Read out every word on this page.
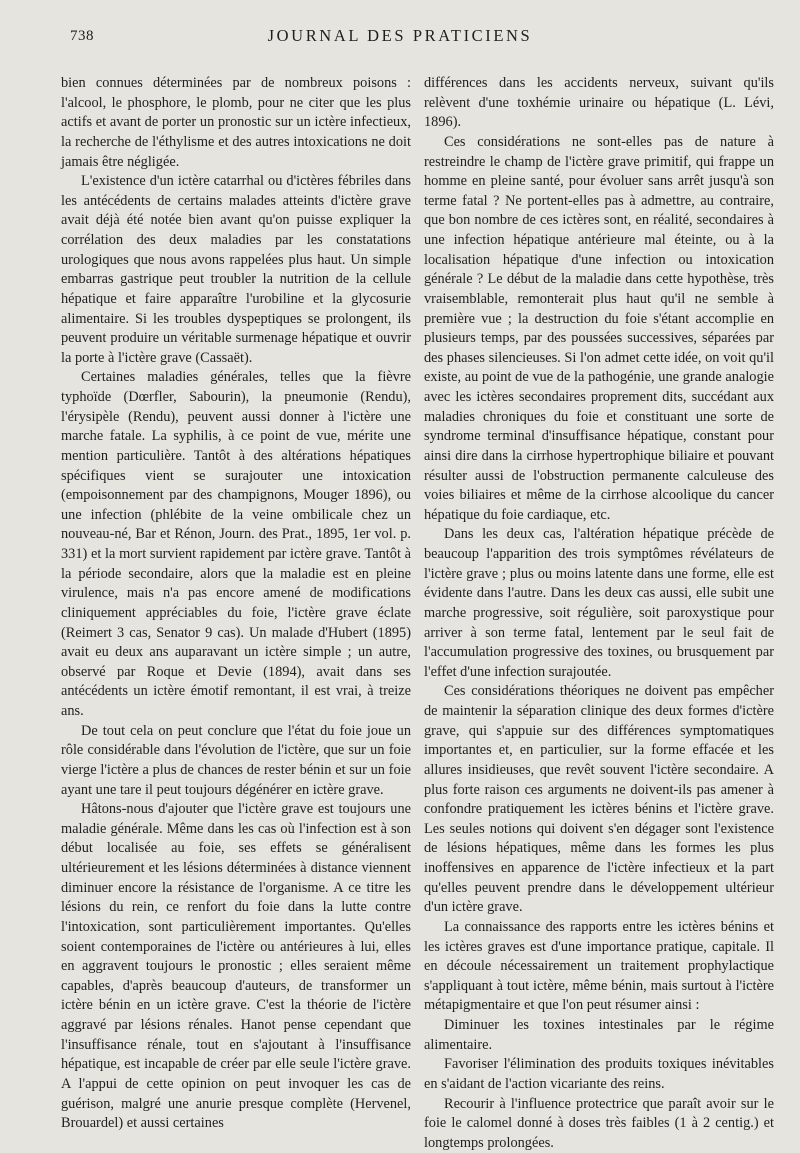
738	JOURNAL DES PRATICIENS

bien connues déterminées par de nombreux poisons : l'alcool, le phosphore, le plomb, pour ne citer que les plus actifs et avant de porter un pronostic sur un ictère infectieux, la recherche de l'éthylisme et des autres intoxications ne doit jamais être négligée.

L'existence d'un ictère catarrhal ou d'ictères fébriles dans les antécédents de certains malades atteints d'ictère grave avait déjà été notée bien avant qu'on puisse expliquer la corrélation des deux maladies par les constatations urologiques que nous avons rappelées plus haut. Un simple embarras gastrique peut troubler la nutrition de la cellule hépatique et faire apparaître l'urobiline et la glycosurie alimentaire. Si les troubles dyspeptiques se prolongent, ils peuvent produire un véritable surmenage hépatique et ouvrir la porte à l'ictère grave (Cassaët).

Certaines maladies générales, telles que la fièvre typhoïde (Dœrfler, Sabourin), la pneumonie (Rendu), l'érysipèle (Rendu), peuvent aussi donner à l'ictère une marche fatale. La syphilis, à ce point de vue, mérite une mention particulière. Tantôt à des altérations hépatiques spécifiques vient se surajouter une intoxication (empoisonnement par des champignons, Mouger 1896), ou une infection (phlébite de la veine ombilicale chez un nouveau-né, Bar et Rénon, Journ. des Prat., 1895, 1er vol. p. 331) et la mort survient rapidement par ictère grave. Tantôt à la période secondaire, alors que la maladie est en pleine virulence, mais n'a pas encore amené de modifications cliniquement appréciables du foie, l'ictère grave éclate (Reimert 3 cas, Senator 9 cas). Un malade d'Hubert (1895) avait eu deux ans auparavant un ictère simple ; un autre, observé par Roque et Devie (1894), avait dans ses antécédents un ictère émotif remontant, il est vrai, à treize ans.

De tout cela on peut conclure que l'état du foie joue un rôle considérable dans l'évolution de l'ictère, que sur un foie vierge l'ictère a plus de chances de rester bénin et sur un foie ayant une tare il peut toujours dégénérer en ictère grave.

Hâtons-nous d'ajouter que l'ictère grave est toujours une maladie générale. Même dans les cas où l'infection est à son début localisée au foie, ses effets se généralisent ultérieurement et les lésions déterminées à distance viennent diminuer encore la résistance de l'organisme. A ce titre les lésions du rein, ce renfort du foie dans la lutte contre l'intoxication, sont particulièrement importantes. Qu'elles soient contemporaines de l'ictère ou antérieures à lui, elles en aggravent toujours le pronostic ; elles seraient même capables, d'après beaucoup d'auteurs, de transformer un ictère bénin en un ictère grave. C'est la théorie de l'ictère aggravé par lésions rénales. Hanot pense cependant que l'insuffisance rénale, tout en s'ajoutant à l'insuffisance hépatique, est incapable de créer par elle seule l'ictère grave. A l'appui de cette opinion on peut invoquer les cas de guérison, malgré une anurie presque complète (Hervenel, Brouardel) et aussi certaines

différences dans les accidents nerveux, suivant qu'ils relèvent d'une toxhémie urinaire ou hépatique (L. Lévi, 1896).

Ces considérations ne sont-elles pas de nature à restreindre le champ de l'ictère grave primitif, qui frappe un homme en pleine santé, pour évoluer sans arrêt jusqu'à son terme fatal ? Ne portent-elles pas à admettre, au contraire, que bon nombre de ces ictères sont, en réalité, secondaires à une infection hépatique antérieure mal éteinte, ou à la localisation hépatique d'une infection ou intoxication générale ? Le début de la maladie dans cette hypothèse, très vraisemblable, remonterait plus haut qu'il ne semble à première vue ; la destruction du foie s'étant accomplie en plusieurs temps, par des poussées successives, séparées par des phases silencieuses. Si l'on admet cette idée, on voit qu'il existe, au point de vue de la pathogénie, une grande analogie avec les ictères secondaires proprement dits, succédant aux maladies chroniques du foie et constituant une sorte de syndrome terminal d'insuffisance hépatique, constant pour ainsi dire dans la cirrhose hypertrophique biliaire et pouvant résulter aussi de l'obstruction permanente calculeuse des voies biliaires et même de la cirrhose alcoolique du cancer hépatique du foie cardiaque, etc.

Dans les deux cas, l'altération hépatique précède de beaucoup l'apparition des trois symptômes révélateurs de l'ictère grave ; plus ou moins latente dans une forme, elle est évidente dans l'autre. Dans les deux cas aussi, elle subit une marche progressive, soit régulière, soit paroxystique pour arriver à son terme fatal, lentement par le seul fait de l'accumulation progressive des toxines, ou brusquement par l'effet d'une infection surajoutée.

Ces considérations théoriques ne doivent pas empêcher de maintenir la séparation clinique des deux formes d'ictère grave, qui s'appuie sur des différences symptomatiques importantes et, en particulier, sur la forme effacée et les allures insidieuses, que revêt souvent l'ictère secondaire. A plus forte raison ces arguments ne doivent-ils pas amener à confondre pratiquement les ictères bénins et l'ictère grave. Les seules notions qui doivent s'en dégager sont l'existence de lésions hépatiques, même dans les formes les plus inoffensives en apparence de l'ictère infectieux et la part qu'elles peuvent prendre dans le développement ultérieur d'un ictère grave.

La connaissance des rapports entre les ictères bénins et les ictères graves est d'une importance pratique, capitale. Il en découle nécessairement un traitement prophylactique s'appliquant à tout ictère, même bénin, mais surtout à l'ictère métapigmentaire et que l'on peut résumer ainsi :

Diminuer les toxines intestinales par le régime alimentaire.

Favoriser l'élimination des produits toxiques inévitables en s'aidant de l'action vicariante des reins.

Recourir à l'influence protectrice que paraît avoir sur le foie le calomel donné à doses très faibles (1 à 2 centig.) et longtemps prolongées.
